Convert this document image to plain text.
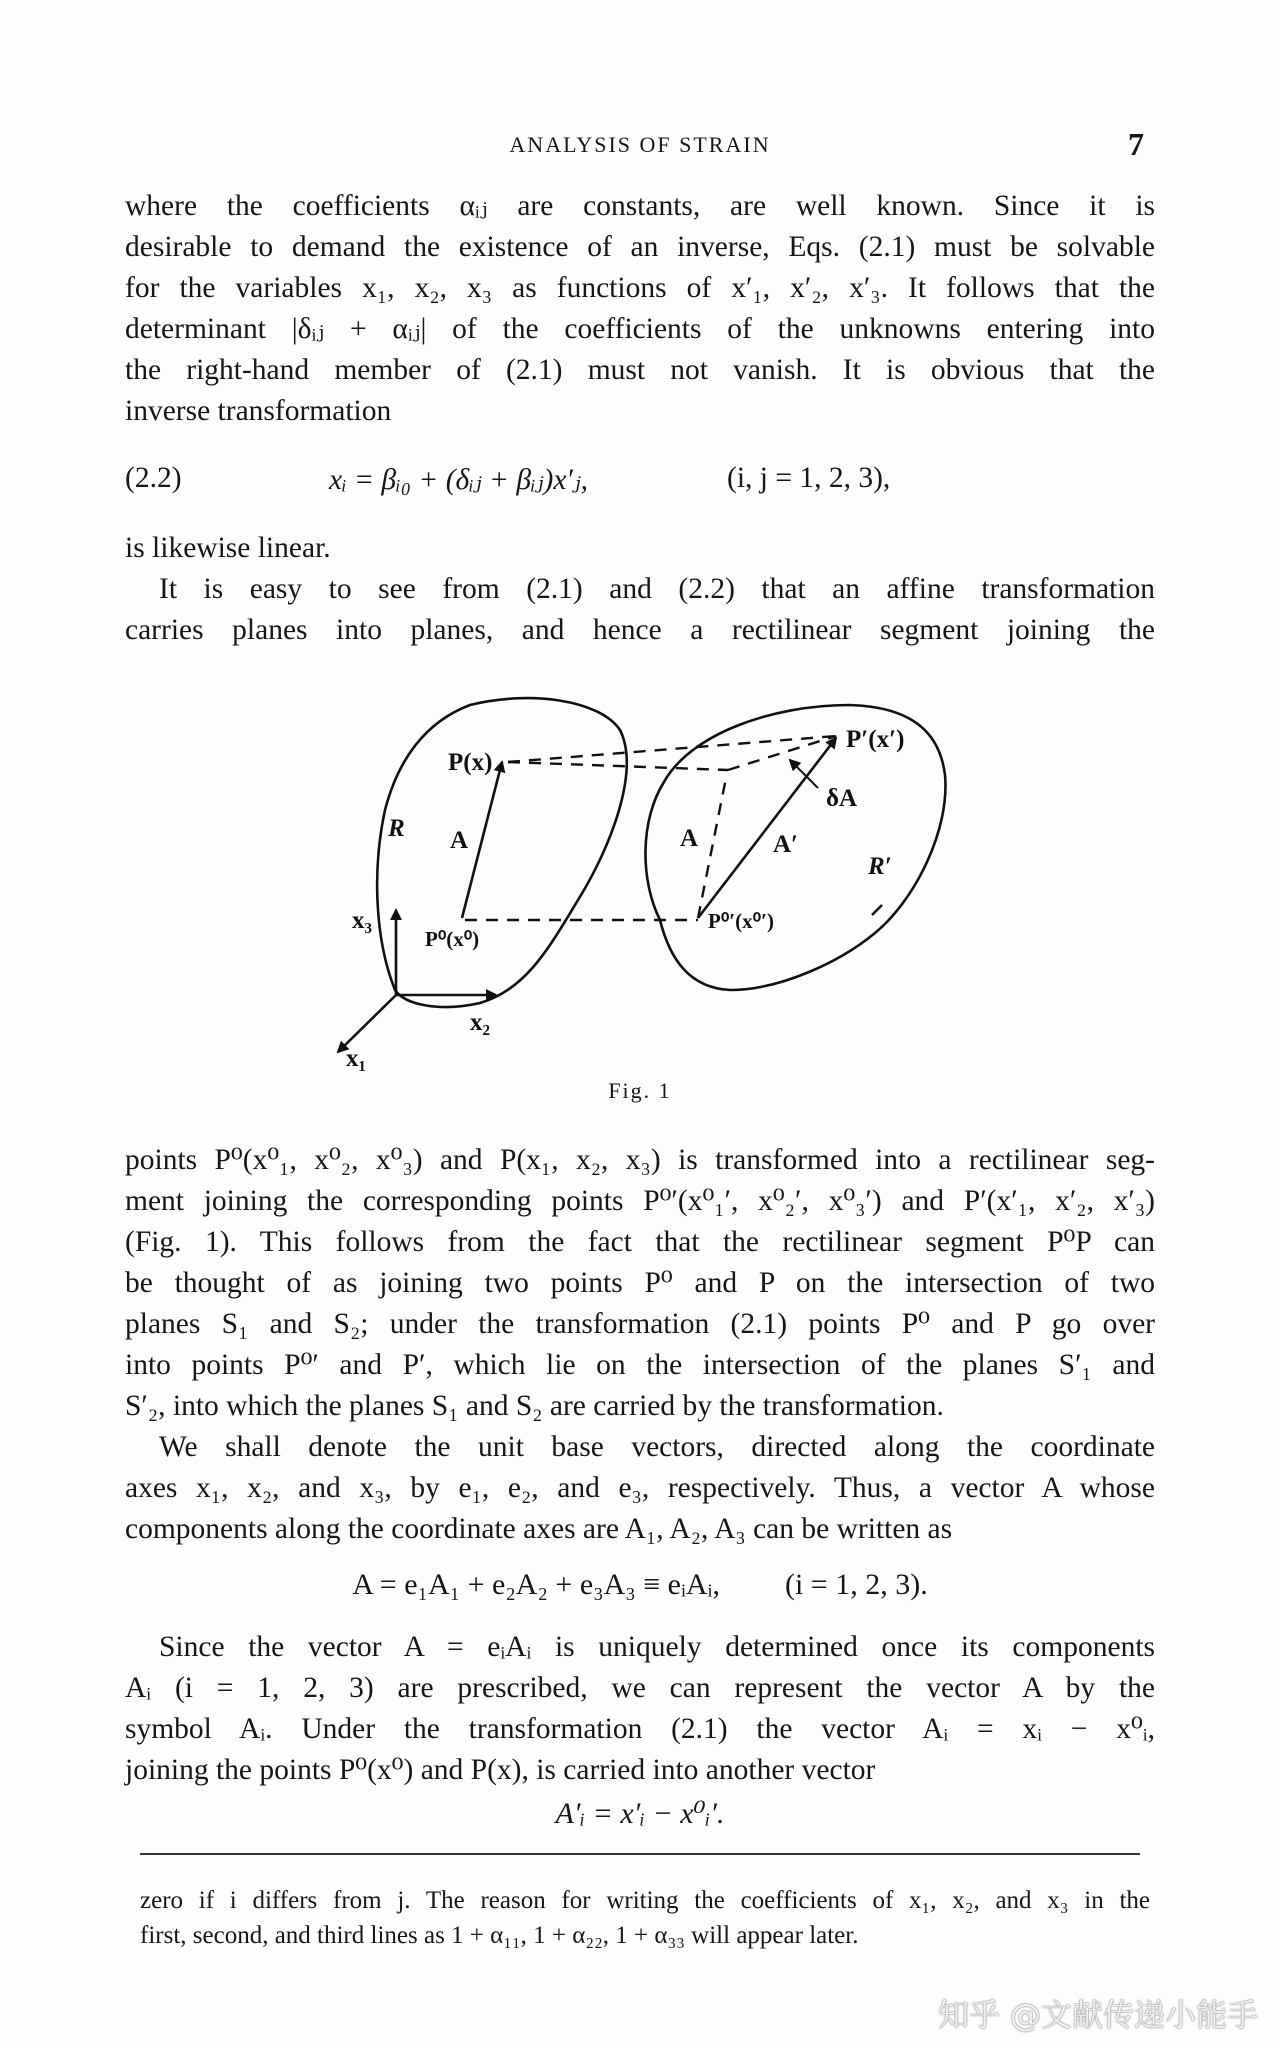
ANALYSIS OF STRAIN	7
where the coefficients αᵢⱼ are constants, are well known. Since it is
desirable to demand the existence of an inverse, Eqs. (2.1) must be solvable
for the variables x₁, x₂, x₃ as functions of x′₁, x′₂, x′₃. It follows that the
determinant |δᵢⱼ + αᵢⱼ| of the coefficients of the unknowns entering into
the right-hand member of (2.1) must not vanish. It is obvious that the
inverse transformation
(2.2)	xᵢ = βᵢ₀ + (δᵢⱼ + βᵢⱼ)x′ⱼ,	(i, j = 1, 2, 3),
is likewise linear.
It is easy to see from (2.1) and (2.2) that an affine transformation
carries planes into planes, and hence a rectilinear segment joining the
P(x)
P′(x′)
P⁰(x⁰)
P⁰′(x⁰′)
A	A	A′
δA
R
R′
x₃
x₂
x₁
Fig. 1
points P⁰(x⁰₁, x⁰₂, x⁰₃) and P(x₁, x₂, x₃) is transformed into a rectilinear seg-
ment joining the corresponding points P⁰′(x⁰₁′, x⁰₂′, x⁰₃′) and P′(x′₁, x′₂, x′₃)
(Fig. 1). This follows from the fact that the rectilinear segment P⁰P can
be thought of as joining two points P⁰ and P on the intersection of two
planes S₁ and S₂; under the transformation (2.1) points P⁰ and P go over
into points P⁰′ and P′, which lie on the intersection of the planes S′₁ and
S′₂, into which the planes S₁ and S₂ are carried by the transformation.
We shall denote the unit base vectors, directed along the coordinate
axes x₁, x₂, and x₃, by e₁, e₂, and e₃, respectively. Thus, a vector A whose
components along the coordinate axes are A₁, A₂, A₃ can be written as
A = e₁A₁ + e₂A₂ + e₃A₃ ≡ eᵢAᵢ, (i = 1, 2, 3).
Since the vector A = eᵢAᵢ is uniquely determined once its components
Aᵢ (i = 1, 2, 3) are prescribed, we can represent the vector A by the
symbol Aᵢ. Under the transformation (2.1) the vector Aᵢ = xᵢ − x⁰ᵢ,
joining the points P⁰(x⁰) and P(x), is carried into another vector
A′ᵢ = x′ᵢ − x⁰ᵢ′.
zero if i differs from j. The reason for writing the coefficients of x₁, x₂, and x₃ in the
first, second, and third lines as 1 + α₁₁, 1 + α₂₂, 1 + α₃₃ will appear later.
知乎 @文献传递小能手
